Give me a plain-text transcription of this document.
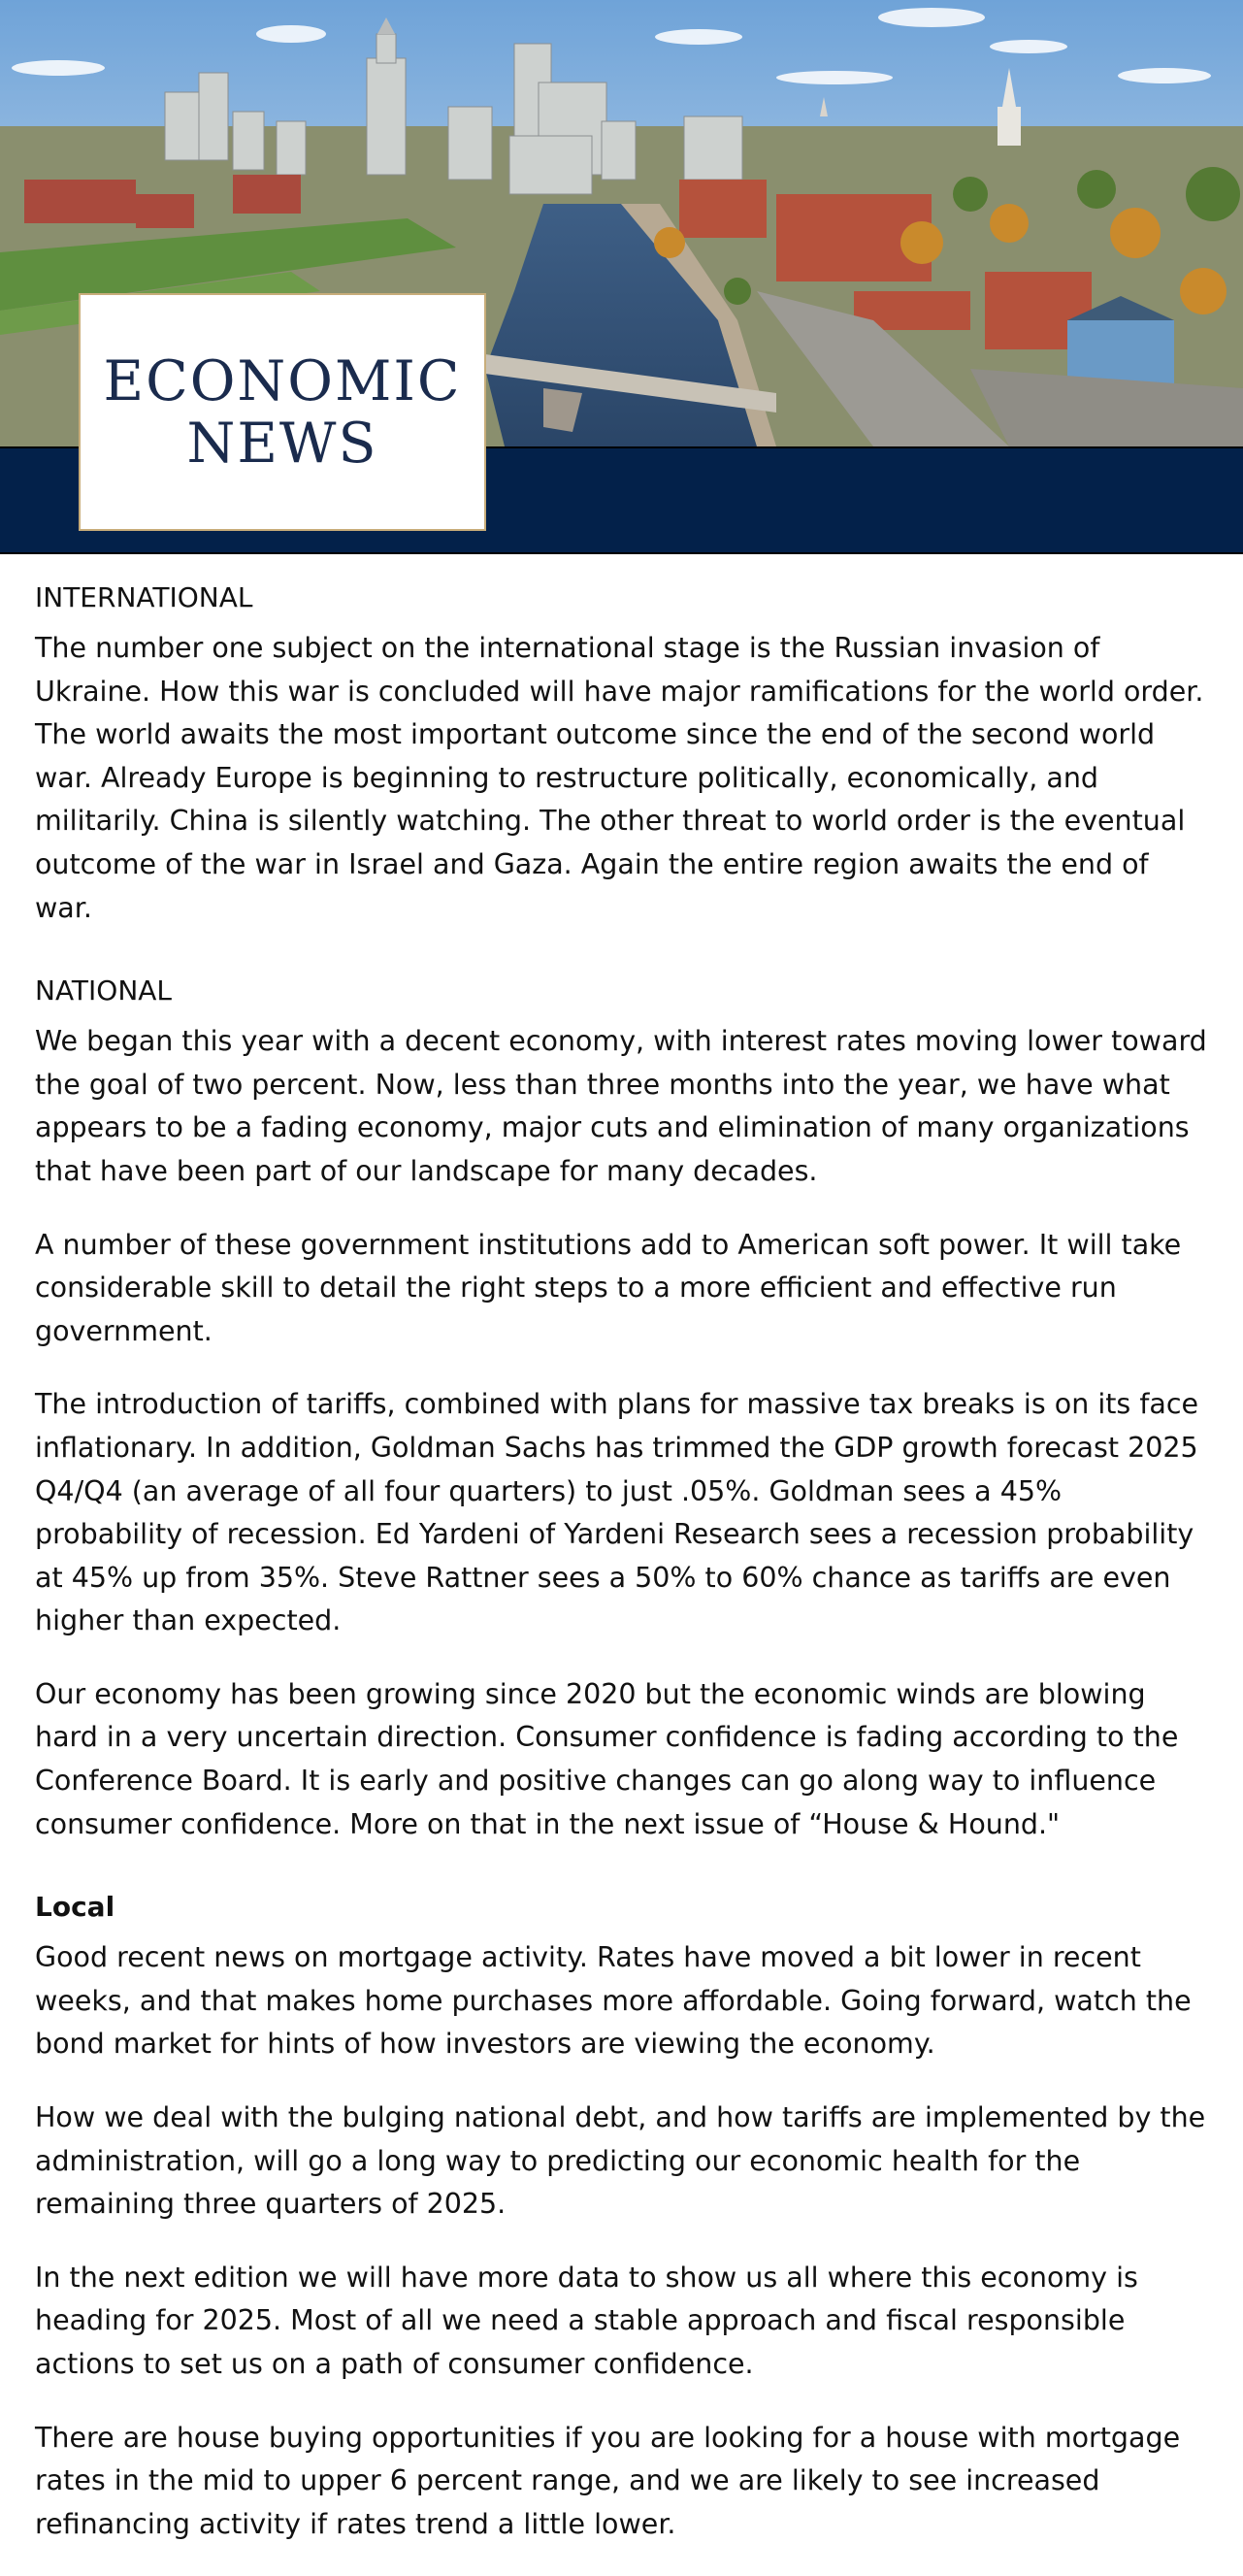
ECONOMIC
NEWS
INTERNATIONAL

The number one subject on the international stage is the Russian invasion of Ukraine. How this war is concluded will have major ramifications for the world order. The world awaits the most important outcome since the end of the second world war. Already Europe is beginning to restructure politically, economically, and militarily. China is silently watching. The other threat to world order is the eventual outcome of the war in Israel and Gaza. Again the entire region awaits the end of war.

NATIONAL

We began this year with a decent economy, with interest rates moving lower toward the goal of two percent. Now, less than three months into the year, we have what appears to be a fading economy, major cuts and elimination of many organizations that have been part of our landscape for many decades.

A number of these government institutions add to American soft power. It will take considerable skill to detail the right steps to a more efficient and effective run government.

The introduction of tariffs, combined with plans for massive tax breaks is on its face inflationary. In addition, Goldman Sachs has trimmed the GDP growth forecast 2025 Q4/Q4 (an average of all four quarters) to just .05%. Goldman sees a 45% probability of recession. Ed Yardeni of Yardeni Research sees a recession probability at 45% up from 35%. Steve Rattner sees a 50% to 60% chance as tariffs are even higher than expected.

Our economy has been growing since 2020 but the economic winds are blowing hard in a very uncertain direction. Consumer confidence is fading according to the Conference Board. It is early and positive changes can go along way to influence consumer confidence. More on that in the next issue of “House & Hound."

Local

Good recent news on mortgage activity. Rates have moved a bit lower in recent weeks, and that makes home purchases more affordable. Going forward, watch the bond market for hints of how investors are viewing the economy.

How we deal with the bulging national debt, and how tariffs are implemented by the administration, will go a long way to predicting our economic health for the remaining three quarters of 2025.

In the next edition we will have more data to show us all where this economy is heading for 2025. Most of all we need a stable approach and fiscal responsible actions to set us on a path of consumer confidence.

There are house buying opportunities if you are looking for a house with mortgage rates in the mid to upper 6 percent range, and we are likely to see increased refinancing activity if rates trend a little lower.
